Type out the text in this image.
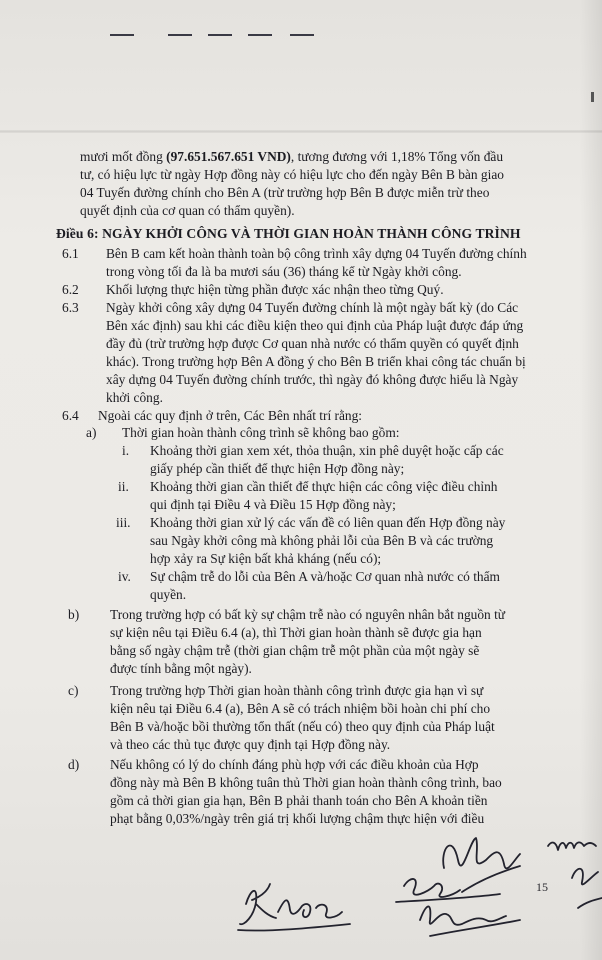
mươi mốt đồng (97.651.567.651 VND), tương đương với 1,18% Tổng vốn đầu
tư, có hiệu lực từ ngày Hợp đồng này có hiệu lực cho đến ngày Bên B bàn giao
04 Tuyến đường chính cho Bên A (trừ trường hợp Bên B được miễn trừ theo
quyết định của cơ quan có thẩm quyền).
Điều 6: NGÀY KHỞI CÔNG VÀ THỜI GIAN HOÀN THÀNH CÔNG TRÌNH
6.1 Bên B cam kết hoàn thành toàn bộ công trình xây dựng 04 Tuyến đường chính
trong vòng tối đa là ba mươi sáu (36) tháng kể từ Ngày khởi công.
6.2 Khối lượng thực hiện từng phần được xác nhận theo từng Quý.
6.3 Ngày khởi công xây dựng 04 Tuyến đường chính là một ngày bất kỳ (do Các
Bên xác định) sau khi các điều kiện theo qui định của Pháp luật được đáp ứng
đầy đủ (trừ trường hợp được Cơ quan nhà nước có thẩm quyền có quyết định
khác). Trong trường hợp Bên A đồng ý cho Bên B triển khai công tác chuẩn bị
xây dựng 04 Tuyến đường chính trước, thì ngày đó không được hiểu là Ngày
khởi công.
6.4 Ngoài các quy định ở trên, Các Bên nhất trí rằng:
a) Thời gian hoàn thành công trình sẽ không bao gồm:
i. Khoảng thời gian xem xét, thỏa thuận, xin phê duyệt hoặc cấp các
giấy phép cần thiết để thực hiện Hợp đồng này;
ii. Khoảng thời gian cần thiết để thực hiện các công việc điều chỉnh
qui định tại Điều 4 và Điều 15 Hợp đồng này;
iii. Khoảng thời gian xử lý các vấn đề có liên quan đến Hợp đồng này
sau Ngày khởi công mà không phải lỗi của Bên B và các trường
hợp xảy ra Sự kiện bất khả kháng (nếu có);
iv. Sự chậm trễ do lỗi của Bên A và/hoặc Cơ quan nhà nước có thẩm
quyền.
b) Trong trường hợp có bất kỳ sự chậm trễ nào có nguyên nhân bắt nguồn từ
sự kiện nêu tại Điều 6.4 (a), thì Thời gian hoàn thành sẽ được gia hạn
bằng số ngày chậm trễ (thời gian chậm trễ một phần của một ngày sẽ
được tính bằng một ngày).
c) Trong trường hợp Thời gian hoàn thành công trình được gia hạn vì sự
kiện nêu tại Điều 6.4 (a), Bên A sẽ có trách nhiệm bồi hoàn chi phí cho
Bên B và/hoặc bồi thường tổn thất (nếu có) theo quy định của Pháp luật
và theo các thủ tục được quy định tại Hợp đồng này.
d) Nếu không có lý do chính đáng phù hợp với các điều khoản của Hợp
đồng này mà Bên B không tuân thủ Thời gian hoàn thành công trình, bao
gồm cả thời gian gia hạn, Bên B phải thanh toán cho Bên A khoản tiền
phạt bằng 0,03%/ngày trên giá trị khối lượng chậm thực hiện với điều
15
